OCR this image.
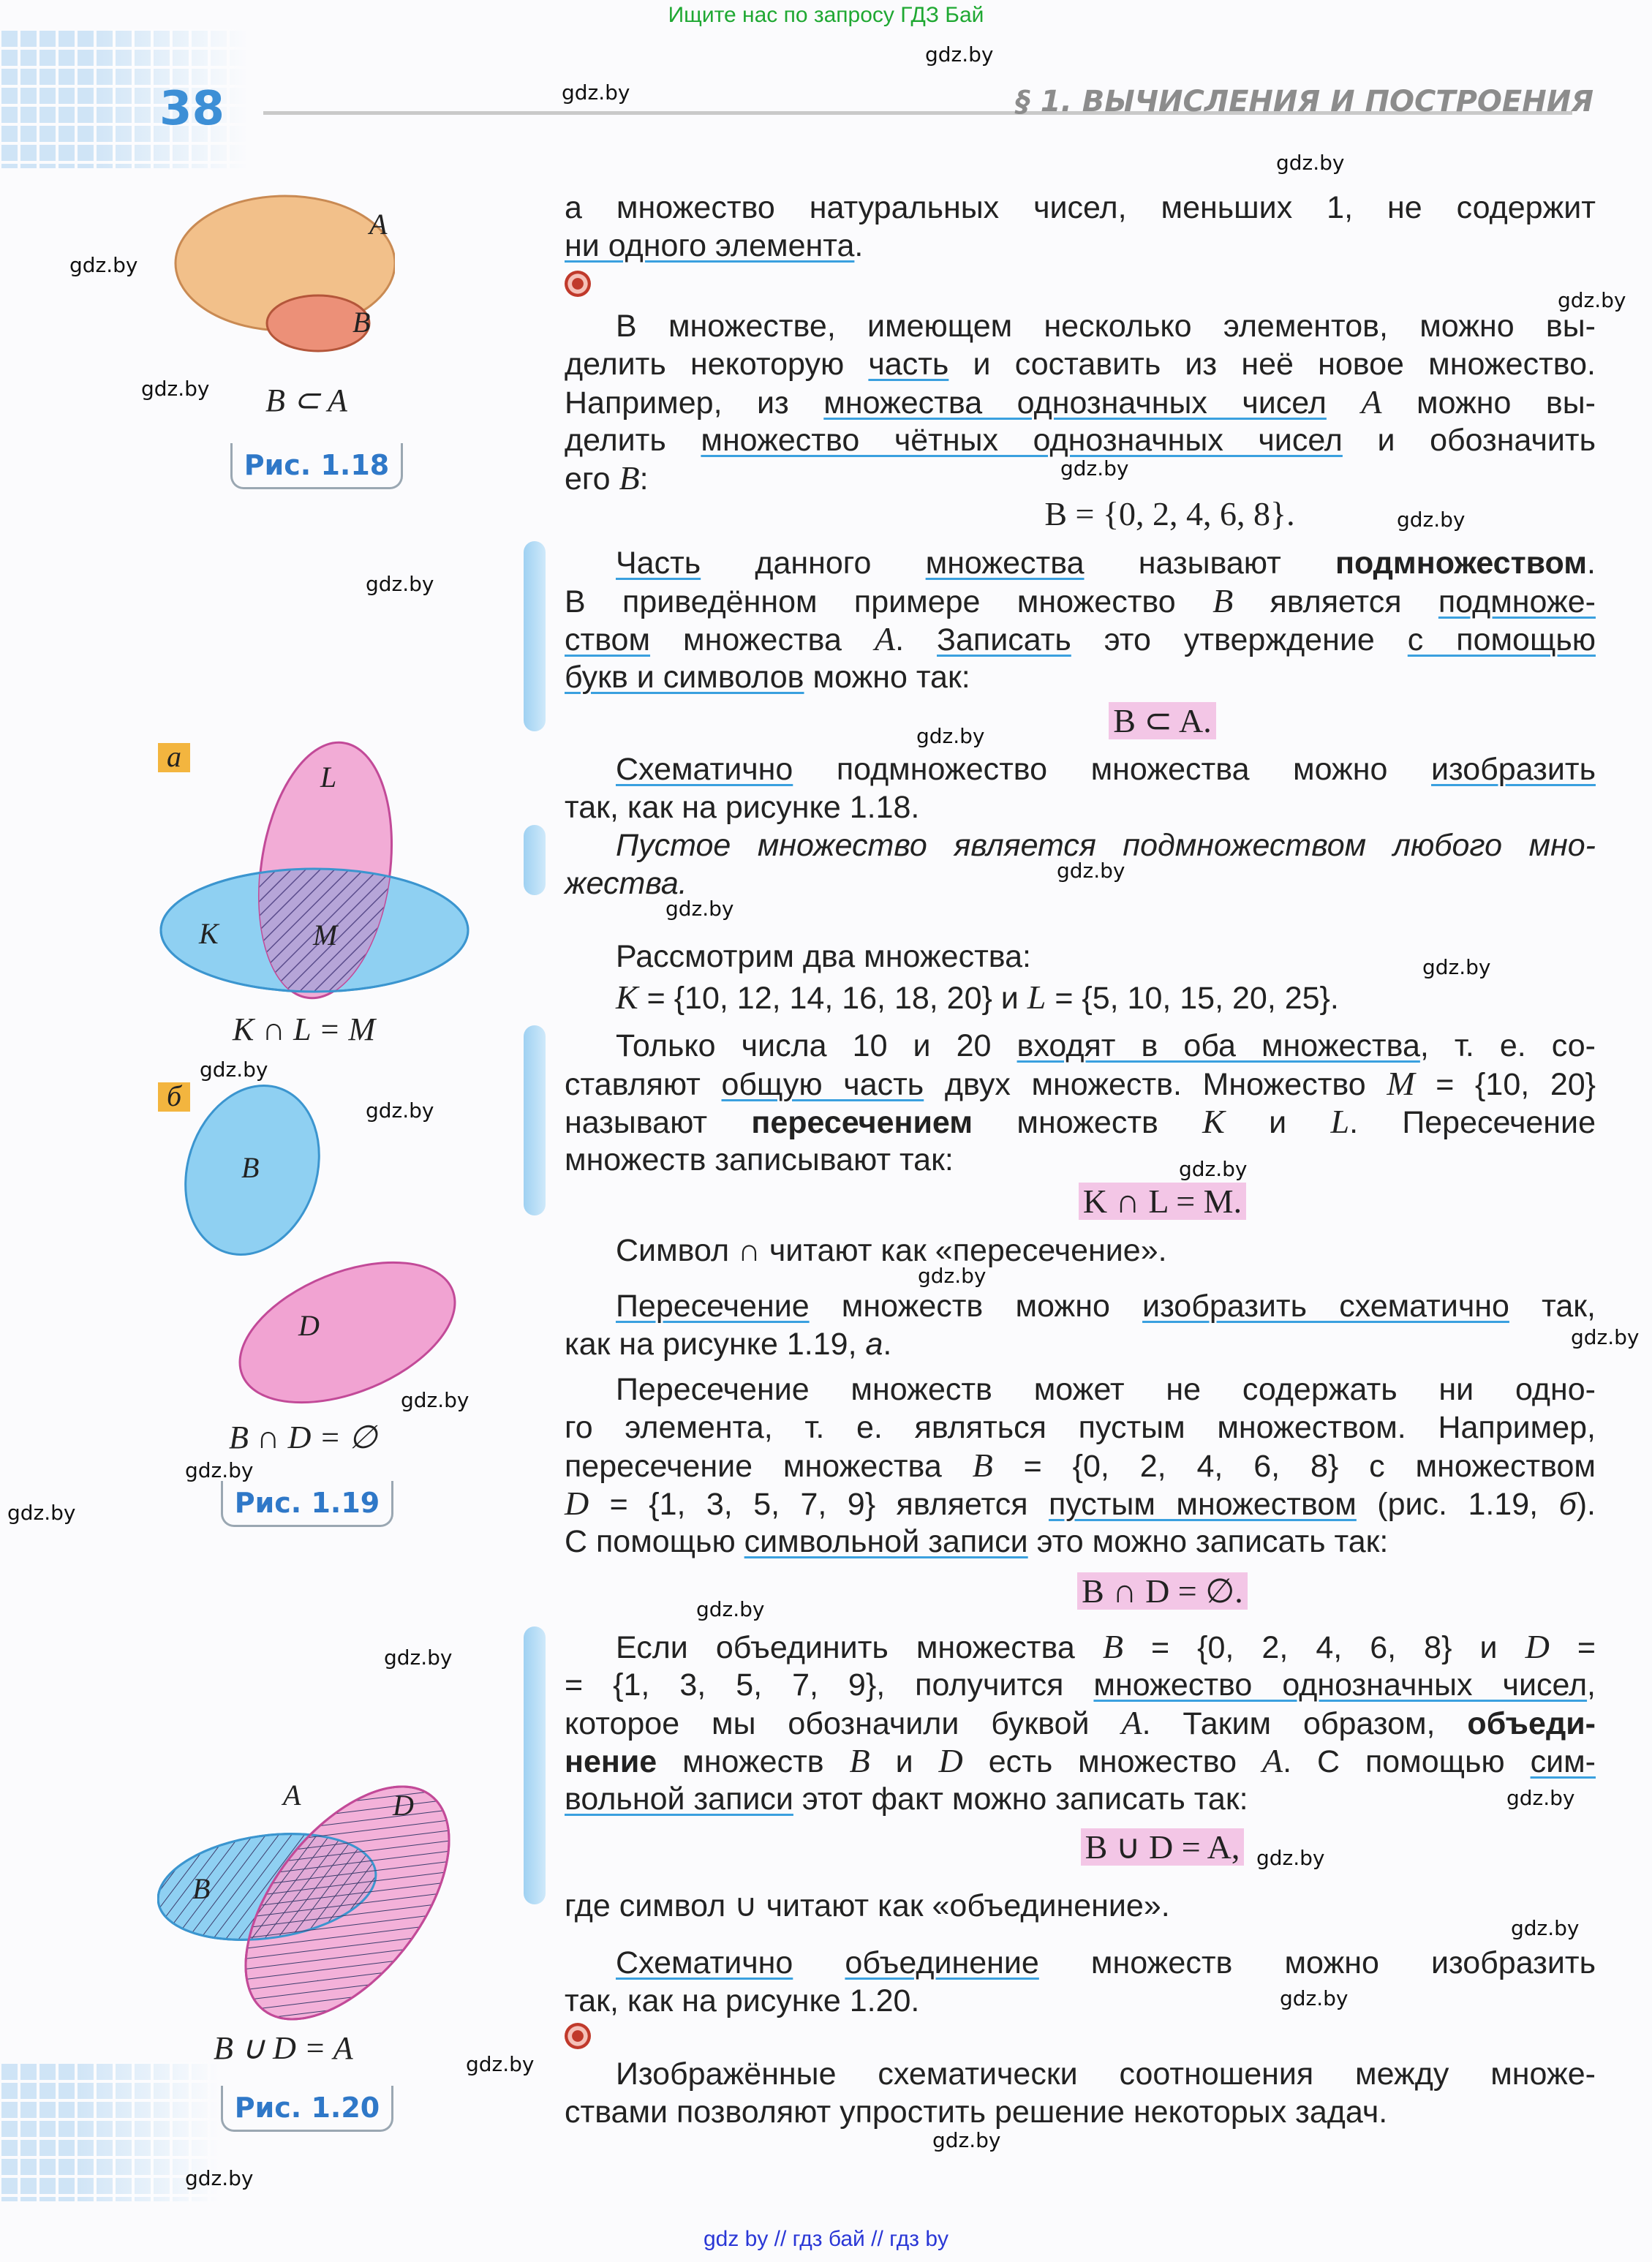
Ищите нас по запросу ГДЗ Бай
gdz by // гдз бай // гдз by
38	§ 1. ВЫЧИСЛЕНИЯ И ПОСТРОЕНИЯ
gdz.by
gdz.by
gdz.by
gdz.by
gdz.by
gdz.by
gdz.by
gdz.by
gdz.by
gdz.by
gdz.by
gdz.by
gdz.by
gdz.by
gdz.by
gdz.by
gdz.by
gdz.by
gdz.by
gdz.by
gdz.by
gdz.by
gdz.by
gdz.by
gdz.by
gdz.by
gdz.by
gdz.by
gdz.by
gdz.by
A
B
B ⊂ A
Рис. 1.18
а
L
K	M
K ∩ L = M
б
B
D
B ∩ D = ∅
Рис. 1.19
A	D
B
B ∪ D = A
Рис. 1.20
а множество натуральных чисел, меньших 1, не содержит
ни одного элемента.
В множестве, имеющем несколько элементов, можно вы-
делить некоторую часть и составить из неё новое множество.
Например, из множества однозначных чисел A можно вы-
делить множество чётных однозначных чисел и обозначить
его B:
B = {0, 2, 4, 6, 8}.
Часть данного множества называют подмножеством.
В приведённом примере множество B является подмноже-
ством множества A. Записать это утверждение с помощью
букв и символов можно так:
B ⊂ A.
Схематично подмножество множества можно изобразить
так, как на рисунке 1.18.
Пустое множество является подмножеством любого мно-
жества.
Рассмотрим два множества:
K = {10, 12, 14, 16, 18, 20} и L = {5, 10, 15, 20, 25}.
Только числа 10 и 20 входят в оба множества, т. е. со-
ставляют общую часть двух множеств. Множество M = {10, 20}
называют пересечением множеств K и L. Пересечение
множеств записывают так:
K ∩ L = M.
Символ ∩ читают как «пересечение».
Пересечение множеств можно изобразить схематично так,
как на рисунке 1.19, а.
Пересечение множеств может не содержать ни одно-
го элемента, т. е. являться пустым множеством. Например,
пересечение множества B = {0, 2, 4, 6, 8} с множеством
D = {1, 3, 5, 7, 9} является пустым множеством (рис. 1.19, б).
С помощью символьной записи это можно записать так:
B ∩ D = ∅.
Если объединить множества B = {0, 2, 4, 6, 8} и D =
= {1, 3, 5, 7, 9}, получится множество однозначных чисел,
которое мы обозначили буквой A. Таким образом, объеди-
нение множеств B и D есть множество A. С помощью сим-
вольной записи этот факт можно записать так:
B ∪ D = A,
где символ ∪ читают как «объединение».
Схематично объединение множеств можно изобразить
так, как на рисунке 1.20.
Изображённые схематически соотношения между множе-
ствами позволяют упростить решение некоторых задач.
